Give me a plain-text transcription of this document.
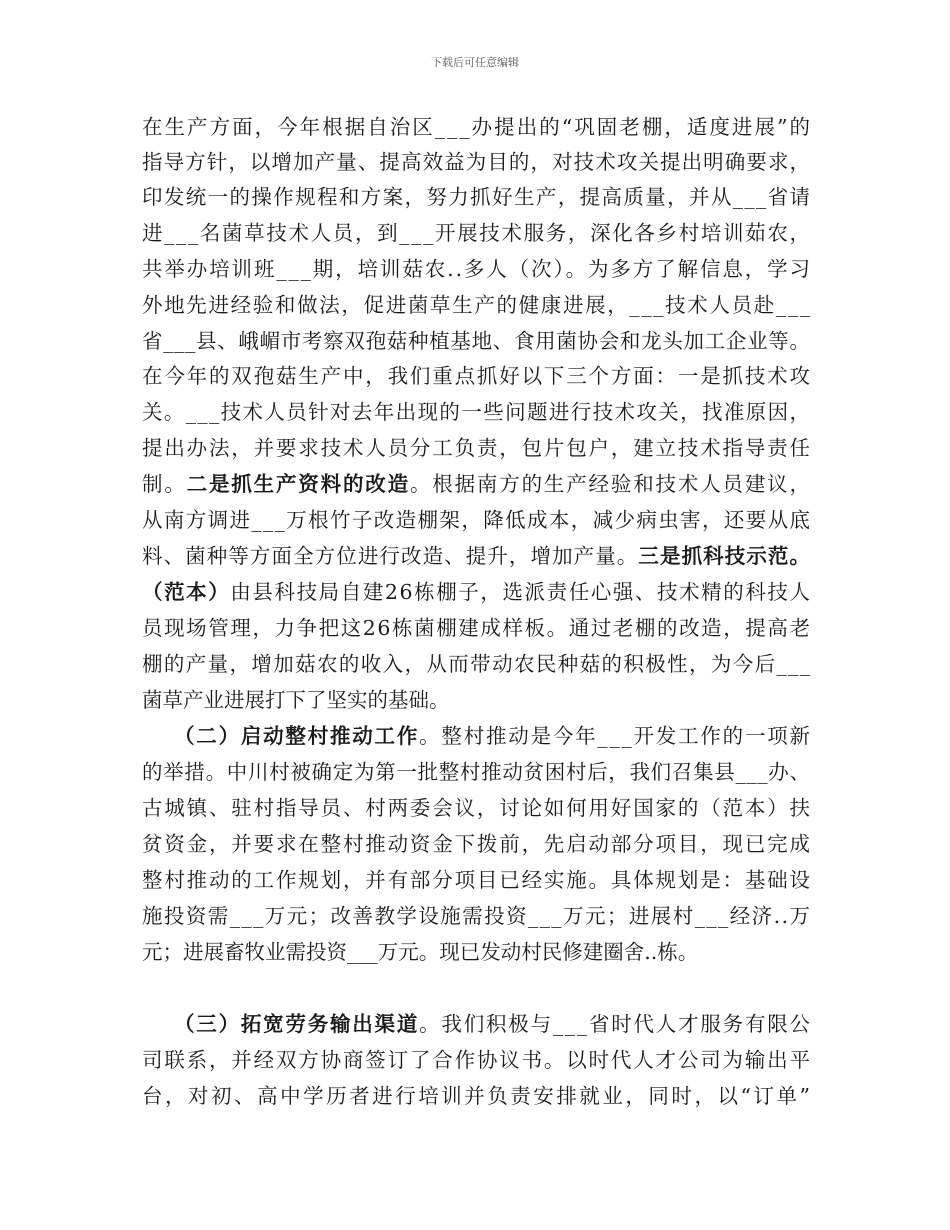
下载后可任意编辑
在生产方面，今年根据自治区___办提出的“巩固老棚，适度进展”的
指导方针，以增加产量、提高效益为目的，对技术攻关提出明确要求，
印发统一的操作规程和方案，努力抓好生产，提高质量，并从___省请
进___名菌草技术人员，到___开展技术服务，深化各乡村培训茹农，
共举办培训班___期，培训菇农..多人（次）。为多方了解信息，学习
外地先进经验和做法，促进菌草生产的健康进展，___技术人员赴___
省___县、峨嵋市考察双孢菇种植基地、食用菌协会和龙头加工企业等。
在今年的双孢菇生产中，我们重点抓好以下三个方面：一是抓技术攻
关。___技术人员针对去年出现的一些问题进行技术攻关，找准原因，
提出办法，并要求技术人员分工负责，包片包户，建立技术指导责任
制。二是抓生产资料的改造。根据南方的生产经验和技术人员建议，
从南方调进___万根竹子改造棚架，降低成本，减少病虫害，还要从底
料、菌种等方面全方位进行改造、提升，增加产量。三是抓科技示范。
（范本）由县科技局自建26栋棚子，选派责任心强、技术精的科技人
员现场管理，力争把这26栋菌棚建成样板。通过老棚的改造，提高老
棚的产量，增加菇农的收入，从而带动农民种菇的积极性，为今后___
菌草产业进展打下了坚实的基础。
（二）启动整村推动工作。整村推动是今年___开发工作的一项新
的举措。中川村被确定为第一批整村推动贫困村后，我们召集县___办、
古城镇、驻村指导员、村两委会议，讨论如何用好国家的（范本）扶
贫资金，并要求在整村推动资金下拨前，先启动部分项目，现已完成
整村推动的工作规划，并有部分项目已经实施。具体规划是：基础设
施投资需___万元；改善教学设施需投资___万元；进展村___经济..万
元；进展畜牧业需投资___万元。现已发动村民修建圈舍..栋。
（三）拓宽劳务输出渠道。我们积极与___省时代人才服务有限公
司联系，并经双方协商签订了合作协议书。以时代人才公司为输出平
台，对初、高中学历者进行培训并负责安排就业，同时，以“订单”
